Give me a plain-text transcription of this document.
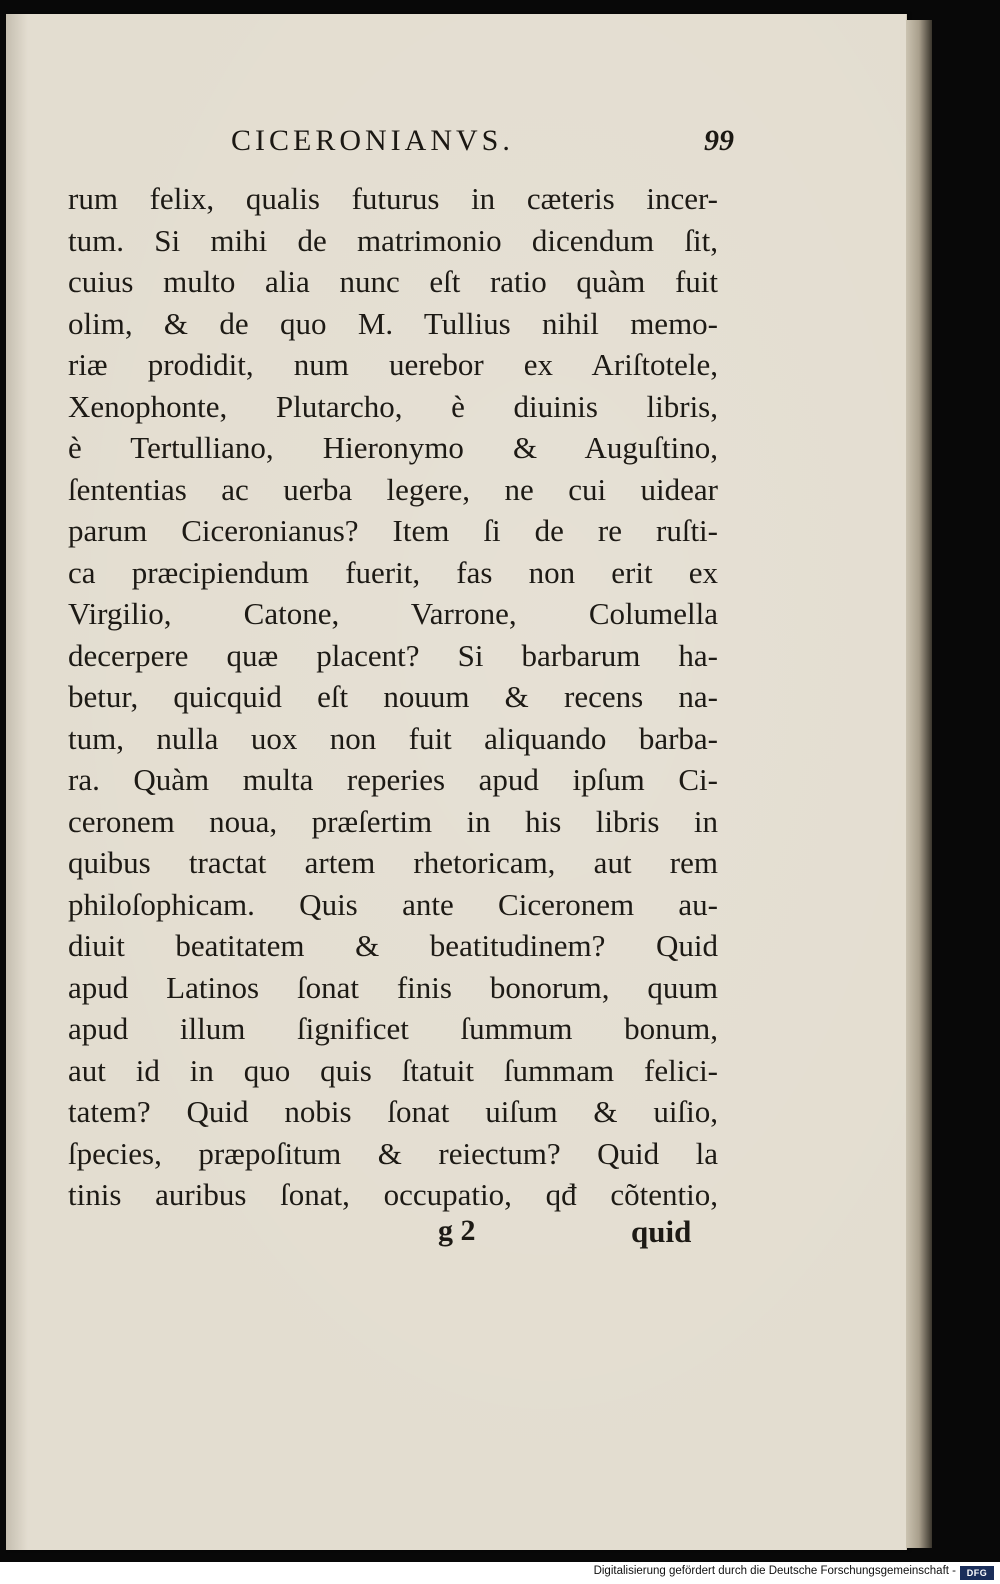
CICERONIANVS.	99
rum felix, qualis futurus in cæteris incer-
tum. Si mihi de matrimonio dicendum ſit,
cuius multo alia nunc eſt ratio quàm fuit
olim, & de quo M. Tullius nihil memo-
riæ prodidit, num uerebor ex Ariſtotele,
Xenophonte, Plutarcho, è diuinis libris,
è Tertulliano, Hieronymo & Auguſtino,
ſententias ac uerba legere, ne cui uidear
parum Ciceronianus? Item ſi de re ruſti-
ca præcipiendum fuerit, fas non erit ex
Virgilio, Catone, Varrone, Columella
decerpere quæ placent? Si barbarum ha-
betur, quicquid eſt nouum & recens na-
tum, nulla uox non fuit aliquando barba-
ra. Quàm multa reperies apud ipſum Ci-
ceronem noua, præſertim in his libris in
quibus tractat artem rhetoricam, aut rem
philoſophicam. Quis ante Ciceronem au-
diuit beatitatem & beatitudinem? Quid
apud Latinos ſonat finis bonorum, quum
apud illum ſignificet ſummum bonum,
aut id in quo quis ſtatuit ſummam felici-
tatem? Quid nobis ſonat uiſum & uiſio,
ſpecies, præpoſitum & reiectum? Quid la
tinis auribus ſonat, occupatio, qđ cõtentio,
g 2	quid
Digitalisierung gefördert durch die Deutsche Forschungsgemeinschaft -	DFG
